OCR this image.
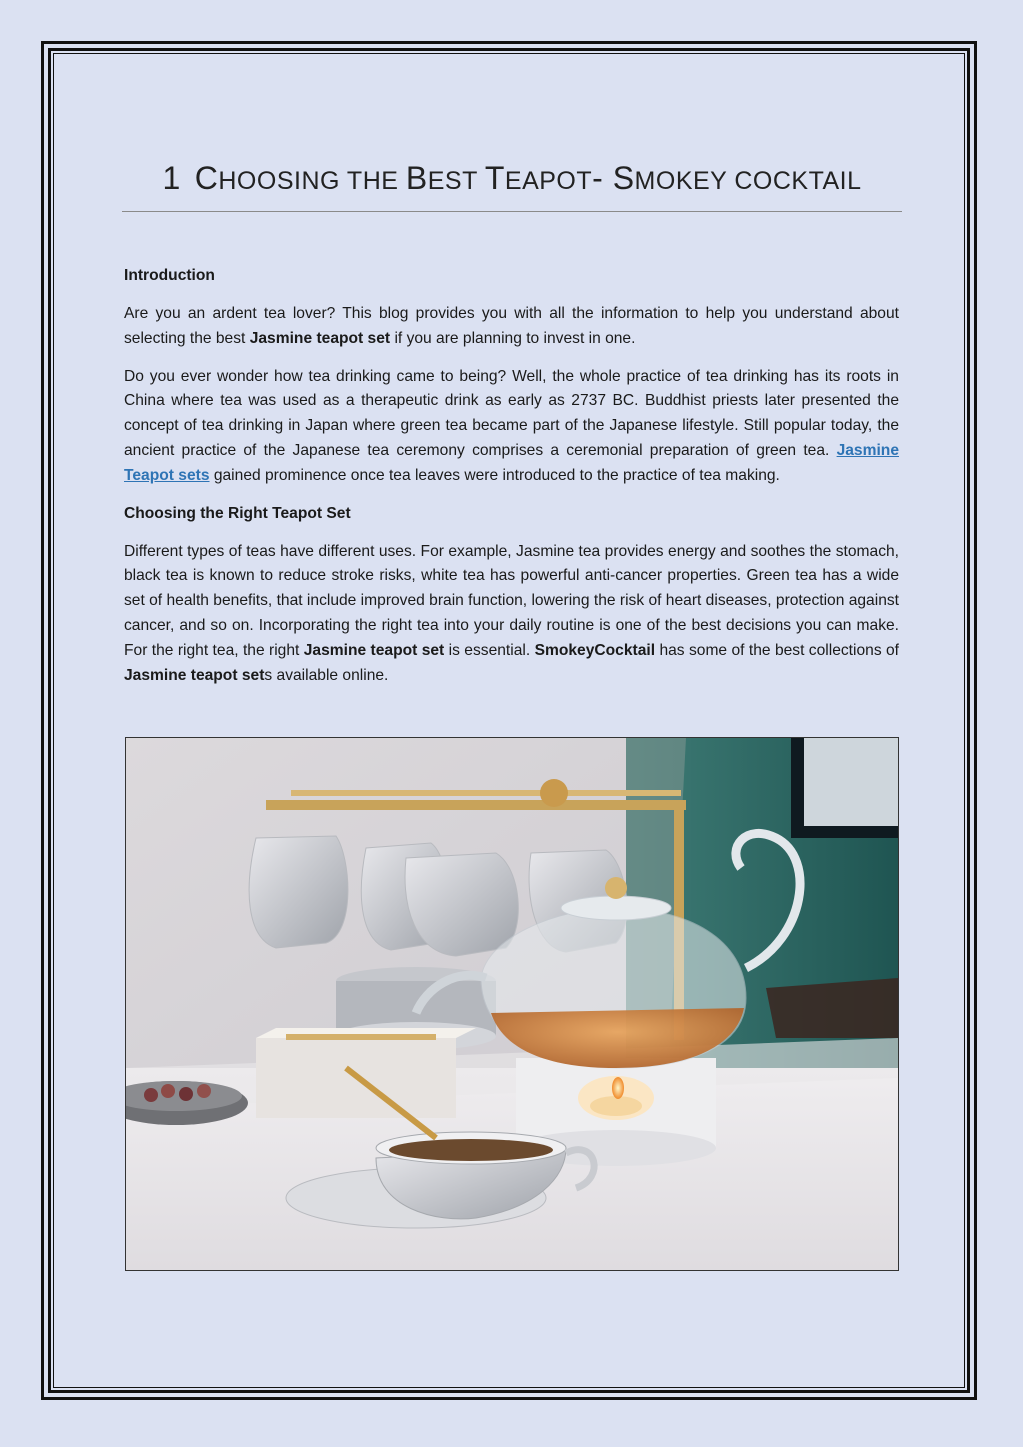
1 CHOOSING THE BEST TEAPOT- SMOKEY COCKTAIL
Introduction

Are you an ardent tea lover? This blog provides you with all the information to help you understand about selecting the best Jasmine teapot set if you are planning to invest in one.

Do you ever wonder how tea drinking came to being? Well, the whole practice of tea drinking has its roots in China where tea was used as a therapeutic drink as early as 2737 BC. Buddhist priests later presented the concept of tea drinking in Japan where green tea became part of the Japanese lifestyle. Still popular today, the ancient practice of the Japanese tea ceremony comprises a ceremonial preparation of green tea. Jasmine Teapot sets gained prominence once tea leaves were introduced to the practice of tea making.

Choosing the Right Teapot Set

Different types of teas have different uses. For example, Jasmine tea provides energy and soothes the stomach, black tea is known to reduce stroke risks, white tea has powerful anti-cancer properties. Green tea has a wide set of health benefits, that include improved brain function, lowering the risk of heart diseases, protection against cancer, and so on. Incorporating the right tea into your daily routine is one of the best decisions you can make. For the right tea, the right Jasmine teapot set is essential. SmokeyCocktail has some of the best collections of Jasmine teapot sets available online.
